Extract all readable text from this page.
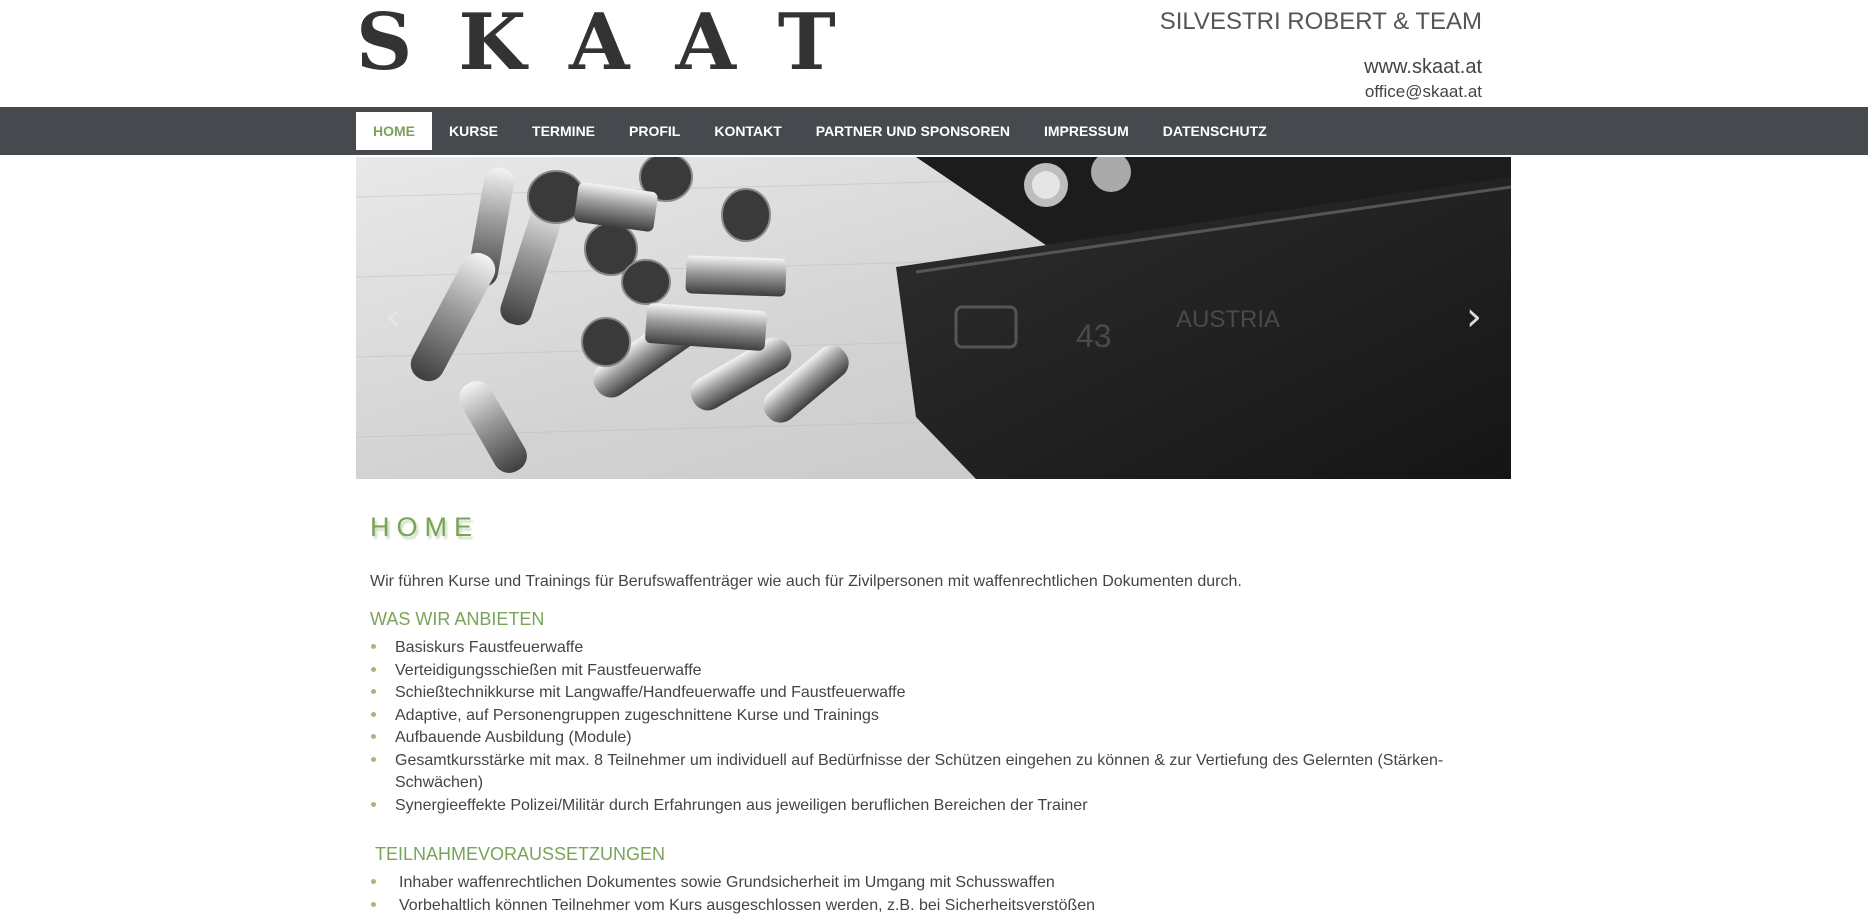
SKAAT	SILVESTRI ROBERT & TEAM
www.skaat.at
office@skaat.at
HOME	KURSE	TERMINE	PROFIL	KONTAKT	PARTNER UND SPONSOREN	IMPRESSUM	DATENSCHUTZ
43	AUSTRIA
‹	›
HOME

Wir führen Kurse und Trainings für Berufswaffenträger wie auch für Zivilpersonen mit waffenrechtlichen Dokumenten durch.

WAS WIR ANBIETEN
Basiskurs Faustfeuerwaffe
Verteidigungsschießen mit Faustfeuerwaffe
Schießtechnikkurse mit Langwaffe/Handfeuerwaffe und Faustfeuerwaffe
Adaptive, auf Personengruppen zugeschnittene Kurse und Trainings
Aufbauende Ausbildung (Module)
Gesamtkursstärke mit max. 8 Teilnehmer um individuell auf Bedürfnisse der Schützen eingehen zu können & zur Vertiefung des Gelernten (Stärken-Schwächen)
Synergieeffekte Polizei/Militär durch Erfahrungen aus jeweiligen beruflichen Bereichen der Trainer
TEILNAHMEVORAUSSETZUNGEN
Inhaber waffenrechtlichen Dokumentes sowie Grundsicherheit im Umgang mit Schusswaffen
Vorbehaltlich können Teilnehmer vom Kurs ausgeschlossen werden, z.B. bei Sicherheitsverstößen
